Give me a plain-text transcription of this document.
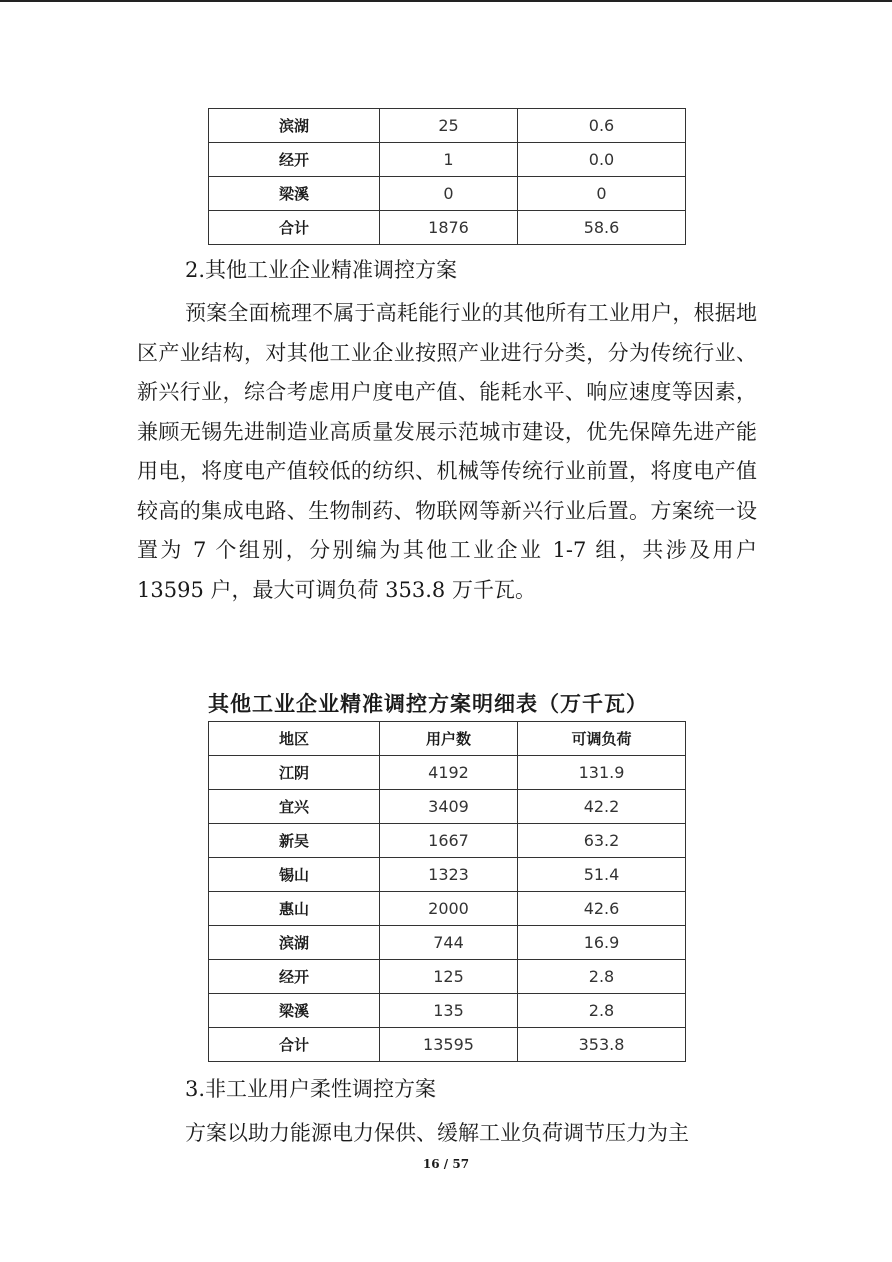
滨湖	25	0.6
经开	1	0.0
梁溪	0	0
合计	1876	58.6
2.其他工业企业精准调控方案

预案全面梳理不属于高耗能行业的其他所有工业用户，根据地区产业结构，对其他工业企业按照产业进行分类，分为传统行业、新兴行业，综合考虑用户度电产值、能耗水平、响应速度等因素，兼顾无锡先进制造业高质量发展示范城市建设，优先保障先进产能用电，将度电产值较低的纺织、机械等传统行业前置，将度电产值较高的集成电路、生物制药、物联网等新兴行业后置。方案统一设置为 7 个组别，分别编为其他工业企业 1-7 组，共涉及用户 13595 户，最大可调负荷 353.8 万千瓦。

其他工业企业精准调控方案明细表（万千瓦）
地区	用户数	可调负荷
江阴	4192	131.9
宜兴	3409	42.2
新吴	1667	63.2
锡山	1323	51.4
惠山	2000	42.6
滨湖	744	16.9
经开	125	2.8
梁溪	135	2.8
合计	13595	353.8
3.非工业用户柔性调控方案

方案以助力能源电力保供、缓解工业负荷调节压力为主

16 / 57
